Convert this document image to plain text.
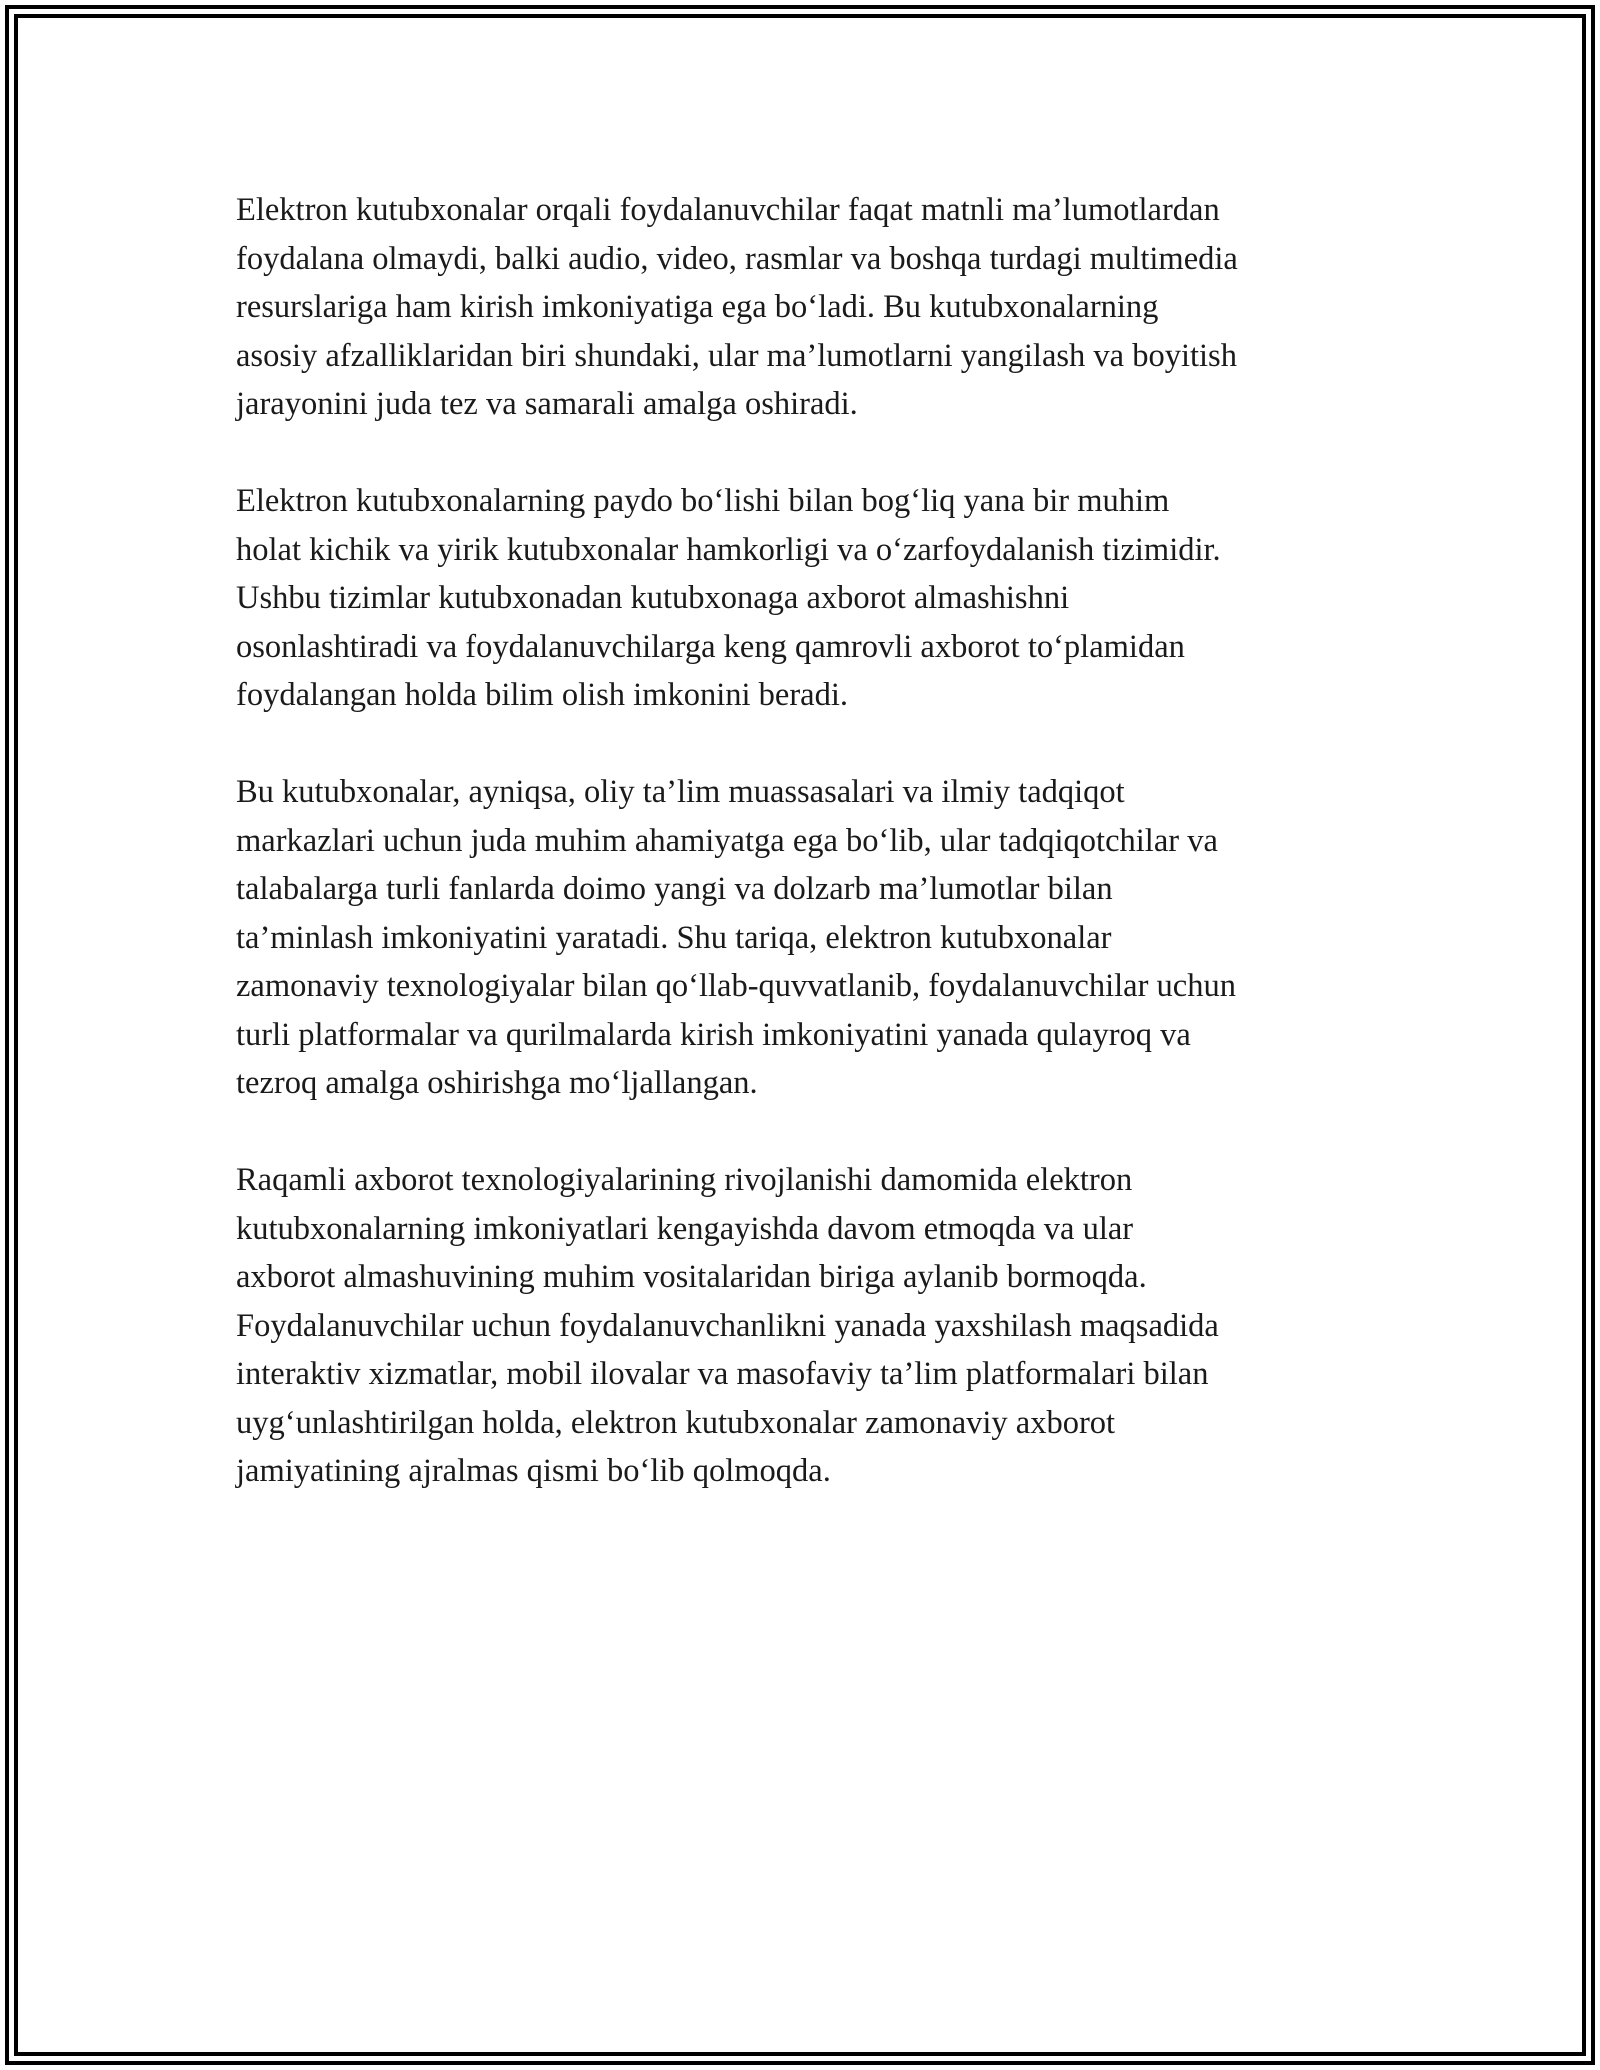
Elektron kutubxonalar orqali foydalanuvchilar faqat matnli ma’lumotlardan
foydalana olmaydi, balki audio, video, rasmlar va boshqa turdagi multimedia
resurslariga ham kirish imkoniyatiga ega bo‘ladi. Bu kutubxonalarning
asosiy afzalliklaridan biri shundaki, ular ma’lumotlarni yangilash va boyitish
jarayonini juda tez va samarali amalga oshiradi.

Elektron kutubxonalarning paydo bo‘lishi bilan bog‘liq yana bir muhim
holat kichik va yirik kutubxonalar hamkorligi va o‘zarfoydalanish tizimidir.
Ushbu tizimlar kutubxonadan kutubxonaga axborot almashishni
osonlashtiradi va foydalanuvchilarga keng qamrovli axborot to‘plamidan
foydalangan holda bilim olish imkonini beradi.

Bu kutubxonalar, ayniqsa, oliy ta’lim muassasalari va ilmiy tadqiqot
markazlari uchun juda muhim ahamiyatga ega bo‘lib, ular tadqiqotchilar va
talabalarga turli fanlarda doimo yangi va dolzarb ma’lumotlar bilan
ta’minlash imkoniyatini yaratadi. Shu tariqa, elektron kutubxonalar
zamonaviy texnologiyalar bilan qo‘llab-quvvatlanib, foydalanuvchilar uchun
turli platformalar va qurilmalarda kirish imkoniyatini yanada qulayroq va
tezroq amalga oshirishga mo‘ljallangan.

Raqamli axborot texnologiyalarining rivojlanishi damomida elektron
kutubxonalarning imkoniyatlari kengayishda davom etmoqda va ular
axborot almashuvining muhim vositalaridan biriga aylanib bormoqda.
Foydalanuvchilar uchun foydalanuvchanlikni yanada yaxshilash maqsadida
interaktiv xizmatlar, mobil ilovalar va masofaviy ta’lim platformalari bilan
uyg‘unlashtirilgan holda, elektron kutubxonalar zamonaviy axborot
jamiyatining ajralmas qismi bo‘lib qolmoqda.
